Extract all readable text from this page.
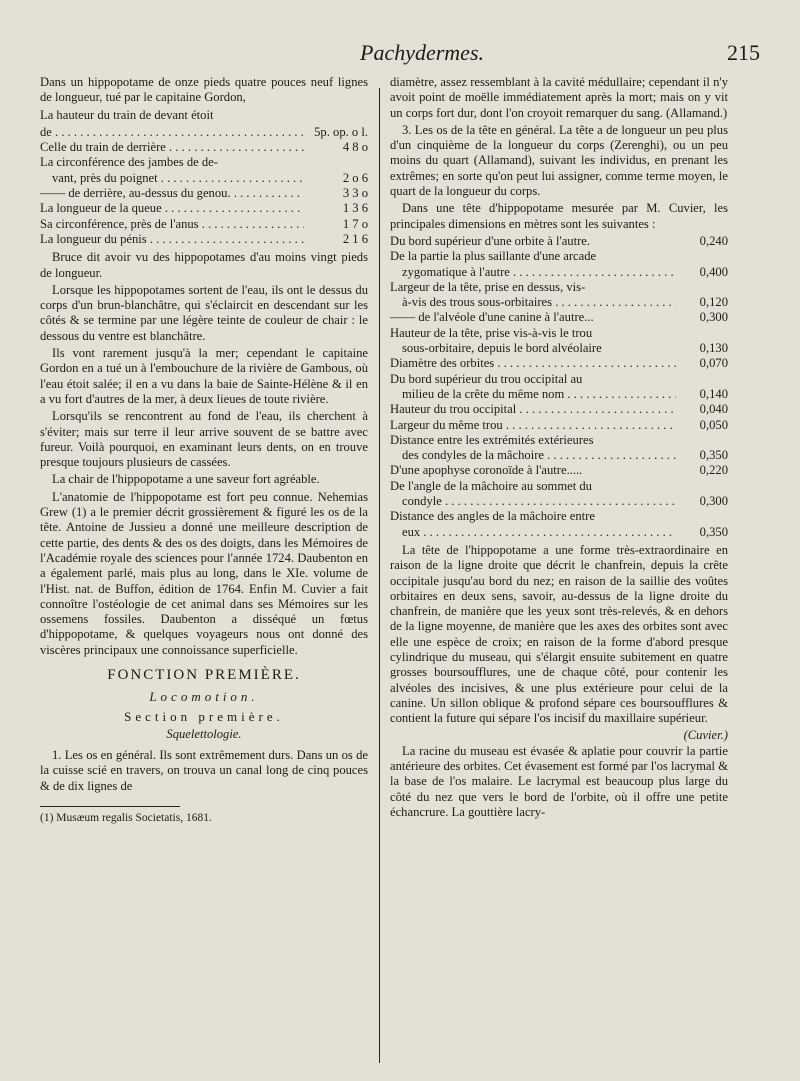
Pachydermes.	215

Dans un hippopotame de onze pieds quatre pouces neuf lignes de longueur, tué par le capitaine Gordon,

La hauteur du train de devant étoit

de . . .	5p. op. o l.
Celle du train de derrière . . .	4 8 o
La circonférence des jambes de de-
vant, près du poignet . . .	2 o 6
—— de derrière, au-dessus du genou. . . .	3 3 o
La longueur de la queue . . .	1 3 6
Sa circonférence, près de l'anus . . .	1 7 o
La longueur du pénis . . .	2 1 6

Bruce dit avoir vu des hippopotames d'au moins vingt pieds de longueur.

Lorsque les hippopotames sortent de l'eau, ils ont le dessus du corps d'un brun-blanchâtre, qui s'éclaircit en descendant sur les côtés & se termine par une légère teinte de couleur de chair : le dessous du ventre est blanchâtre.

Ils vont rarement jusqu'à la mer; cependant le capitaine Gordon en a tué un à l'embouchure de la rivière de Gambous, où l'eau étoit salée; il en a vu dans la baie de Sainte-Hélène & il en a vu fort d'autres de la mer, à deux lieues de toute rivière.

Lorsqu'ils se rencontrent au fond de l'eau, ils cherchent à s'éviter; mais sur terre il leur arrive souvent de se battre avec fureur. Voilà pourquoi, en examinant leurs dents, on en trouve presque toujours plusieurs de cassées.

La chair de l'hippopotame a une saveur fort agréable.

L'anatomie de l'hippopotame est fort peu connue. Nehemias Grew (1) a le premier décrit grossièrement & figuré les os de la tête. Antoine de Jussieu a donné une meilleure description de cette partie, des dents & des os des doigts, dans les Mémoires de l'Académie royale des sciences pour l'année 1724. Daubenton en a également parlé, mais plus au long, dans le XIe. volume de l'Hist. nat. de Buffon, édition de 1764. Enfin M. Cuvier a fait connoître l'ostéologie de cet animal dans ses Mémoires sur les ossemens fossiles. Daubenton a disséqué un fœtus d'hippopotame, & quelques voyageurs nous ont donné des viscères principaux une connoissance superficielle.

FONCTION PREMIÈRE.
Locomotion.
Section première.
Squelettologie.

1. Les os en général. Ils sont extrêmement durs. Dans un os de la cuisse scié en travers, on trouva un canal long de cinq pouces & de dix lignes de

(1) Musæum regalis Societatis, 1681.

diamètre, assez ressemblant à la cavité médullaire; cependant il n'y avoit point de moëlle immédiatement après la mort; mais on y vit un corps fort dur, dont l'on croyoit remarquer du sang. (Allamand.)

3. Les os de la tête en général. La tête a de longueur un peu plus d'un cinquième de la longueur du corps (Zerenghi), ou un peu moins du quart (Allamand), suivant les individus, en prenant les extrêmes; en sorte qu'on peut lui assigner, comme terme moyen, le quart de la longueur du corps.

Dans une tête d'hippopotame mesurée par M. Cuvier, les principales dimensions en mètres sont les suivantes :

Du bord supérieur d'une orbite à l'autre.	0,240
De la partie la plus saillante d'une arcade
zygomatique à l'autre . . .	0,400
Largeur de la tête, prise en dessus, vis-
à-vis des trous sous-orbitaires . . .	0,120
—— de l'alvéole d'une canine à l'autre...	0,300
Hauteur de la tête, prise vis-à-vis le trou
sous-orbitaire, depuis le bord alvéolaire	0,130
Diamètre des orbites . . .	0,070
Du bord supérieur du trou occipital au
milieu de la crête du même nom . . .	0,140
Hauteur du trou occipital . . .	0,040
Largeur du même trou . . .	0,050
Distance entre les extrémités extérieures
des condyles de la mâchoire . . .	0,350
D'une apophyse coronoïde à l'autre.....	0,220
De l'angle de la mâchoire au sommet du
condyle . . .	0,300
Distance des angles de la mâchoire entre
eux . . .	0,350

La tête de l'hippopotame a une forme très-extraordinaire en raison de la ligne droite que décrit le chanfrein, depuis la crête occipitale jusqu'au bord du nez; en raison de la saillie des voûtes orbitaires en deux sens, savoir, au-dessus de la ligne droite du chanfrein, de manière que les yeux sont très-relevés, & en dehors de la ligne moyenne, de manière que les axes des orbites sont avec elle une espèce de croix; en raison de la forme d'abord presque cylindrique du museau, qui s'élargit ensuite subitement en quatre grosses boursoufflures, une de chaque côté, pour contenir les alvéoles des incisives, & une plus extérieure pour celui de la canine. Un sillon oblique & profond sépare ces boursoufflures & contient la future qui sépare l'os incisif du maxillaire supérieur.

(Cuvier.)

La racine du museau est évasée & aplatie pour couvrir la partie antérieure des orbites. Cet évasement est formé par l'os lacrymal & la base de l'os malaire. Le lacrymal est beaucoup plus large du côté du nez que vers le bord de l'orbite, où il offre une petite échancrure. La gouttière lacry-
